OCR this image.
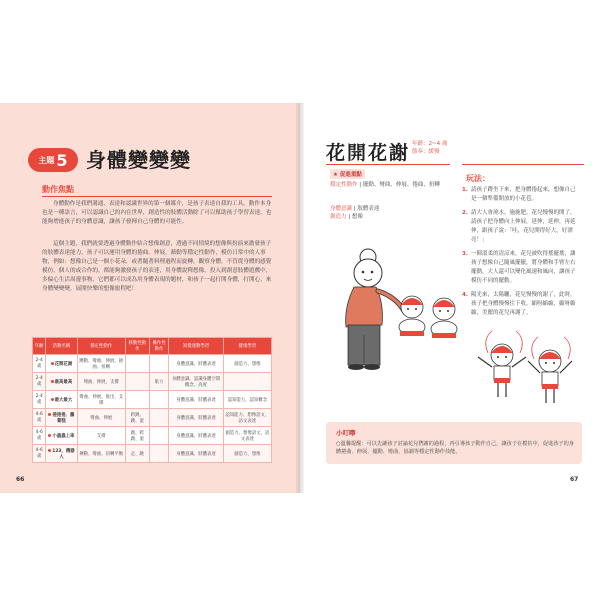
主題 5 身體變變變
動作焦點

身體動作是我們溝通、表達和認識世界的第一個媒介，是孩子表達自我的工具。動作本身也是一種語言，可以認識自己的內在世界，創造性的肢體活動除了可以幫助孩子學習表達，也能夠增進孩子的身體意識，讓孩子發揮自己身體的可能性。

這個主題，我們就要透過身體動作結合想像創意，透過不同情境的想像與扮演來激發孩子的肢體表達能力，孩子可以運用身體的捲曲、伸展，藉動等穩定性動作，模仿日常中的人事物，例如：想像自己是一個小花朵，或著隨著料理過程而旋轉，觀察身體，不管從身體的感覺模仿，個人的或合作的，都能夠激發孩子的表達，用身體說釋想像，投入到創意肢體遊戲中，多偏心生活周邊事物，它們都可以成為用身體表現的題材，和孩子一起打開身體，打開心，來身體變變變，展開快樂的想像旅程吧！

年齡	活動名稱	穩定性動作	移動性動作	操作性動作	知覺運動學習	健康學習
2-4 歲	花開花謝	蹲動、彎曲、伸展、捲曲、扭轉			身體意識、肢體表達	創造力、想像
2-4 歲	最高最高	彎曲、伸展、支撐		肌力	身體意識、認識身體空間概念、高度	
2-4 歲	最大最大	彎曲、伸展、推出、支撐			身體意識、肢體表達	認知能力、認知概念
4-6 歲	捲捲捲、蘿蔔糕	彎曲、伸展	跨跳、跳、滾		身體意識、肢體表達	認知能力、想像語文、語文表達
4-6 歲	小蟲蟲上車	支撐	跑、跨跳、滾		身體意識、肢體表達	創造力、想像語文、語文表達
4-6 歲	123，機器人	揮動、彎曲、扭轉平衡	走、跳		身體意識、肢體表達	創造力、想像
66
花開花謝 年齡：2~4 歲
節奏：緩慢
★ 促進重點
穩定性動作 | 擺動、彎曲、伸展、捲曲、扭轉
身體意識 | 肢體表達
創造力 | 想像
玩法：
1. 請孩子蹲坐下來，把身體捲起來，想像自己是一個準備開放的小花苞。
2. 請大人會澆水、施施肥，花兒慢慢的開了，請孩子把身體向上伸展，延伸，延伸，再延伸，跟孩子說：「哇，花兒開得好大，好漂亮！」
3. 一陣溫柔的清涼來，花兒被吹得搖擺搖，讓孩子想像自己隨風擺擺，將身體和手臂左右擺動，大人還可以變化風速和風向，讓孩子模仿不同的擺動。
4. 陽光來，太陽曬，花兒慢慢的謝了，此時，孩子把身體慢慢往下收，縮呀縮縮，縮呀縮縮，美麗的花兒再謝了。
小叮嚀

○溫馨提醒：可以先讓孩子討論花兒們謝的過程，再引導孩子動作自己，讓孩子在模仿中，促進孩子的身體捲曲、伸展、擺動、彎曲，協調等穩定性動作技能。

67
